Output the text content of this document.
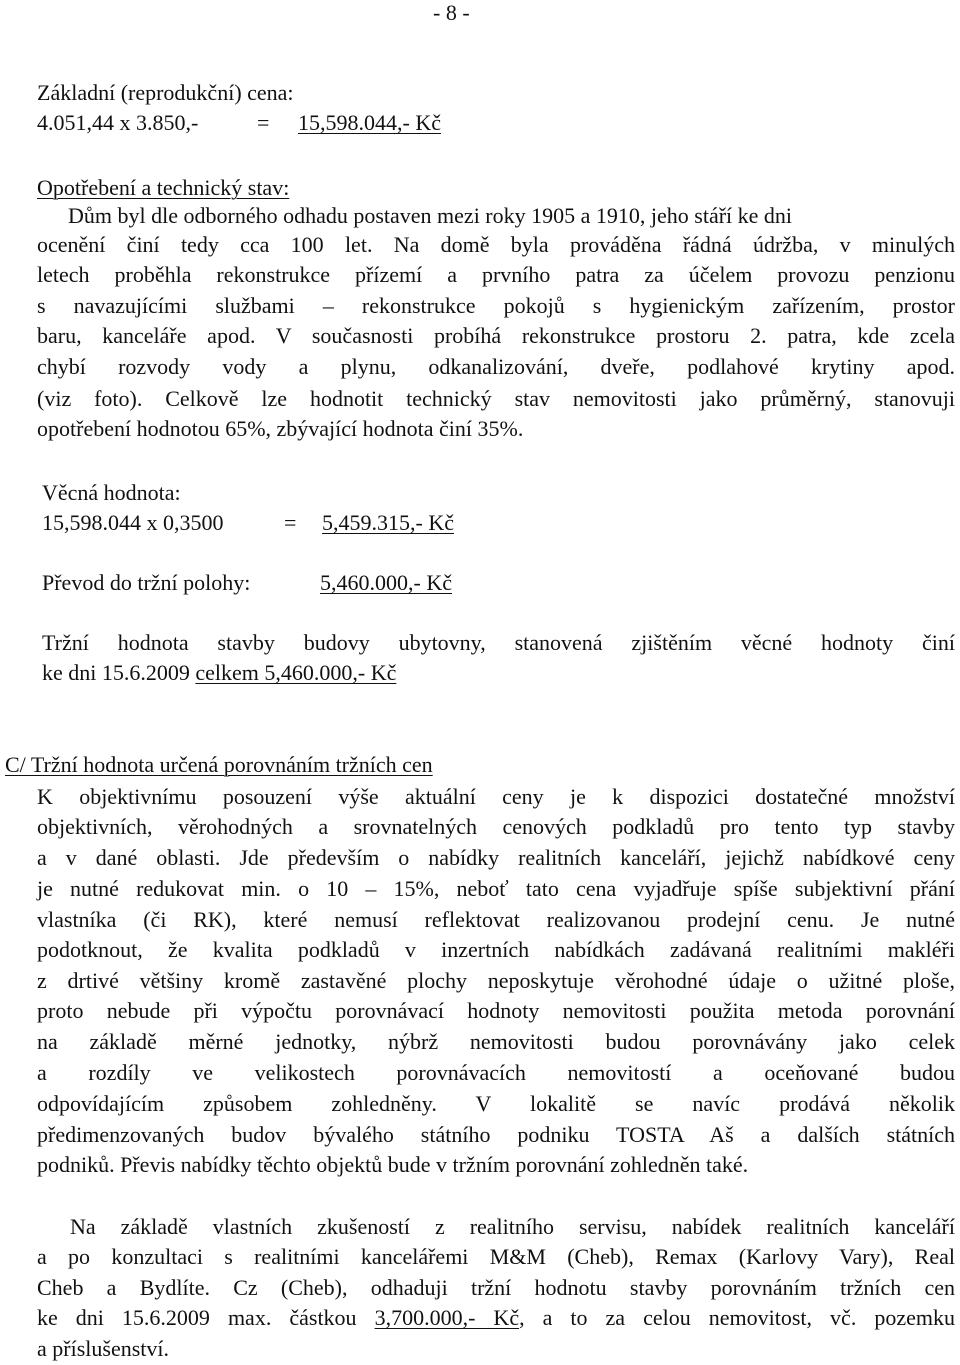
- 8 -
Základní (reprodukční) cena:
4.051,44 x 3.850,-	= 15,598.044,- Kč
Opotřebení a technický stav:
Dům byl dle odborného odhadu postaven mezi roky 1905 a 1910, jeho stáří ke dni
ocenění činí tedy cca 100 let. Na domě byla prováděna řádná údržba, v minulých
letech proběhla rekonstrukce přízemí a prvního patra za účelem provozu penzionu
s navazujícími službami – rekonstrukce pokojů s hygienickým zařízením, prostor
baru, kanceláře apod. V současnosti probíhá rekonstrukce prostoru 2. patra, kde zcela
chybí rozvody vody a plynu, odkanalizování, dveře, podlahové krytiny apod.
(viz foto). Celkově lze hodnotit technický stav nemovitosti jako průměrný, stanovuji
opotřebení hodnotou 65%, zbývající hodnota činí 35%.
Věcná hodnota:
15,598.044 x 0,3500	= 5,459.315,- Kč
Převod do tržní polohy:	5,460.000,- Kč
Tržní hodnota stavby budovy ubytovny, stanovená zjištěním věcné hodnoty činí
ke dni 15.6.2009 celkem 5,460.000,- Kč
C/ Tržní hodnota určená porovnáním tržních cen
K objektivnímu posouzení výše aktuální ceny je k dispozici dostatečné množství
objektivních, věrohodných a srovnatelných cenových podkladů pro tento typ stavby
a v dané oblasti. Jde především o nabídky realitních kanceláří, jejichž nabídkové ceny
je nutné redukovat min. o 10 – 15%, neboť tato cena vyjadřuje spíše subjektivní přání
vlastníka (či RK), které nemusí reflektovat realizovanou prodejní cenu. Je nutné
podotknout, že kvalita podkladů v inzertních nabídkách zadávaná realitními makléři
z drtivé většiny kromě zastavěné plochy neposkytuje věrohodné údaje o užitné ploše,
proto nebude při výpočtu porovnávací hodnoty nemovitosti použita metoda porovnání
na základě měrné jednotky, nýbrž nemovitosti budou porovnávány jako celek
a rozdíly ve velikostech porovnávacích nemovitostí a oceňované budou
odpovídajícím způsobem zohledněny. V lokalitě se navíc prodává několik
předimenzovaných budov bývalého státního podniku TOSTA Aš a dalších státních
podniků. Převis nabídky těchto objektů bude v tržním porovnání zohledněn také.
Na základě vlastních zkušeností z realitního servisu, nabídek realitních kanceláří
a po konzultaci s realitními kancelářemi M&M (Cheb), Remax (Karlovy Vary), Real
Cheb a Bydlíte. Cz (Cheb), odhaduji tržní hodnotu stavby porovnáním tržních cen
ke dni 15.6.2009 max. částkou 3,700.000,- Kč, a to za celou nemovitost, vč. pozemku
a příslušenství.
